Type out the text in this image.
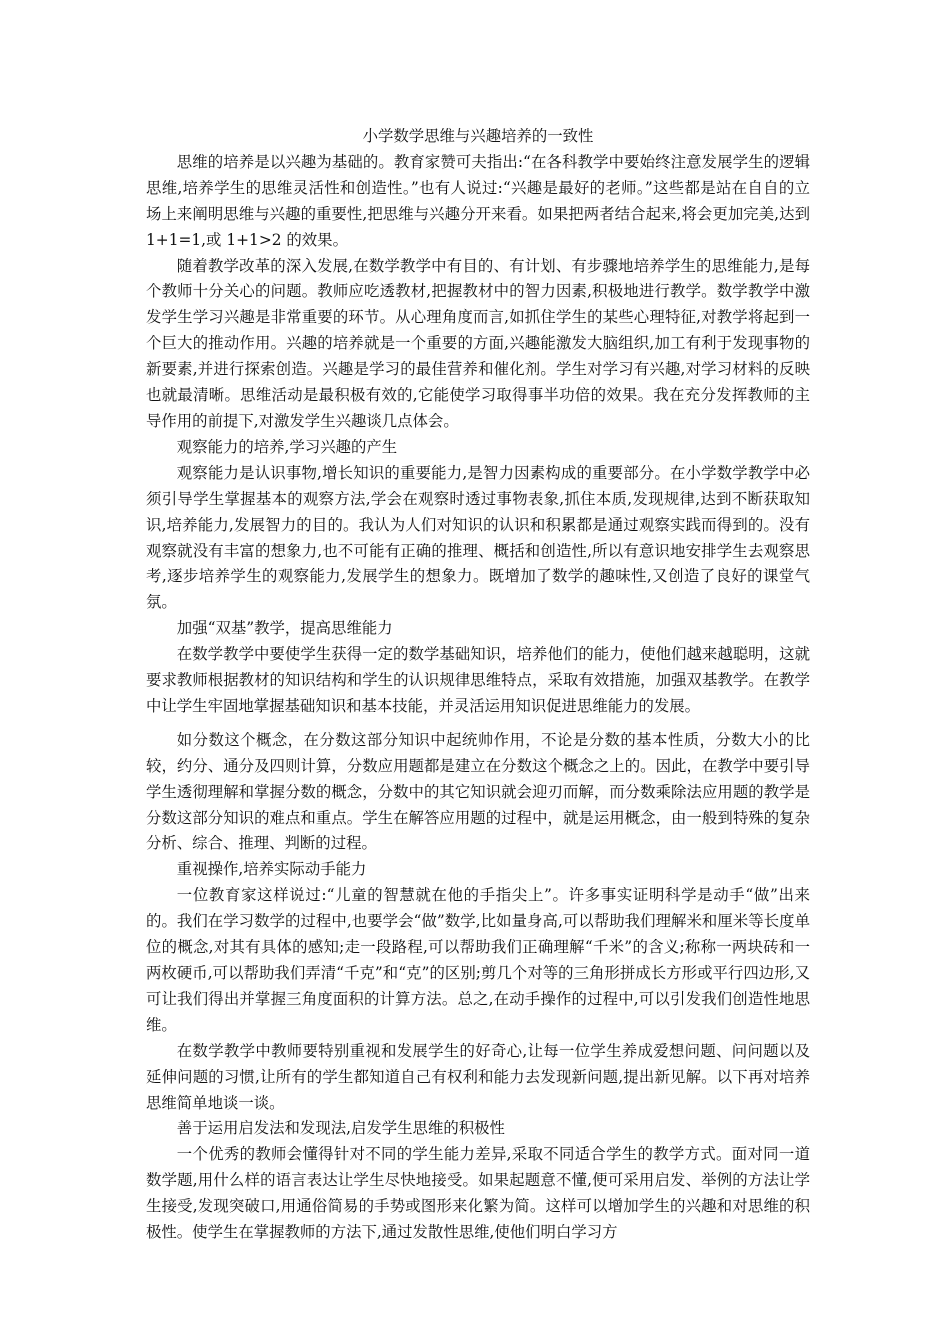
小学数学思维与兴趣培养的一致性

思维的培养是以兴趣为基础的。教育家赞可夫指出:“在各科教学中要始终注意发展学生的逻辑思维,培养学生的思维灵活性和创造性。”也有人说过:“兴趣是最好的老师。”这些都是站在自自的立场上来阐明思维与兴趣的重要性,把思维与兴趣分开来看。如果把两者结合起来,将会更加完美,达到 1+1=1,或 1+1>2 的效果。

随着教学改革的深入发展,在数学教学中有目的、有计划、有步骤地培养学生的思维能力,是每个教师十分关心的问题。教师应吃透教材,把握教材中的智力因素,积极地进行教学。数学教学中激发学生学习兴趣是非常重要的环节。从心理角度而言,如抓住学生的某些心理特征,对教学将起到一个巨大的推动作用。兴趣的培养就是一个重要的方面,兴趣能激发大脑组织,加工有利于发现事物的新要素,并进行探索创造。兴趣是学习的最佳营养和催化剂。学生对学习有兴趣,对学习材料的反映也就最清晰。思维活动是最积极有效的,它能使学习取得事半功倍的效果。我在充分发挥教师的主导作用的前提下,对激发学生兴趣谈几点体会。

观察能力的培养,学习兴趣的产生

观察能力是认识事物,增长知识的重要能力,是智力因素构成的重要部分。在小学数学教学中必须引导学生掌握基本的观察方法,学会在观察时透过事物表象,抓住本质,发现规律,达到不断获取知识,培养能力,发展智力的目的。我认为人们对知识的认识和积累都是通过观察实践而得到的。没有观察就没有丰富的想象力,也不可能有正确的推理、概括和创造性,所以有意识地安排学生去观察思考,逐步培养学生的观察能力,发展学生的想象力。既增加了数学的趣味性,又创造了良好的课堂气氛。

加强“双基”教学，提高思维能力

在数学教学中要使学生获得一定的数学基础知识，培养他们的能力，使他们越来越聪明，这就要求教师根据教材的知识结构和学生的认识规律思维特点，采取有效措施，加强双基教学。在教学中让学生牢固地掌握基础知识和基本技能，并灵活运用知识促进思维能力的发展。

如分数这个概念，在分数这部分知识中起统帅作用，不论是分数的基本性质，分数大小的比较，约分、通分及四则计算，分数应用题都是建立在分数这个概念之上的。因此，在教学中要引导学生透彻理解和掌握分数的概念，分数中的其它知识就会迎刃而解，而分数乘除法应用题的教学是分数这部分知识的难点和重点。学生在解答应用题的过程中，就是运用概念，由一般到特殊的复杂分析、综合、推理、判断的过程。

重视操作,培养实际动手能力

一位教育家这样说过:“儿童的智慧就在他的手指尖上”。许多事实证明科学是动手“做”出来的。我们在学习数学的过程中,也要学会“做”数学,比如量身高,可以帮助我们理解米和厘米等长度单位的概念,对其有具体的感知;走一段路程,可以帮助我们正确理解“千米”的含义;称称一两块砖和一两枚硬币,可以帮助我们弄清“千克”和“克”的区别;剪几个对等的三角形拼成长方形或平行四边形,又可让我们得出并掌握三角度面积的计算方法。总之,在动手操作的过程中,可以引发我们创造性地思维。

在数学教学中教师要特别重视和发展学生的好奇心,让每一位学生养成爱想问题、问问题以及延伸问题的习惯,让所有的学生都知道自己有权利和能力去发现新问题,提出新见解。以下再对培养思维简单地谈一谈。

善于运用启发法和发现法,启发学生思维的积极性

一个优秀的教师会懂得针对不同的学生能力差异,采取不同适合学生的教学方式。面对同一道数学题,用什么样的语言表达让学生尽快地接受。如果起题意不懂,便可采用启发、举例的方法让学生接受,发现突破口,用通俗简易的手势或图形来化繁为简。这样可以增加学生的兴趣和对思维的积极性。使学生在掌握教师的方法下,通过发散性思维,使他们明白学习方
